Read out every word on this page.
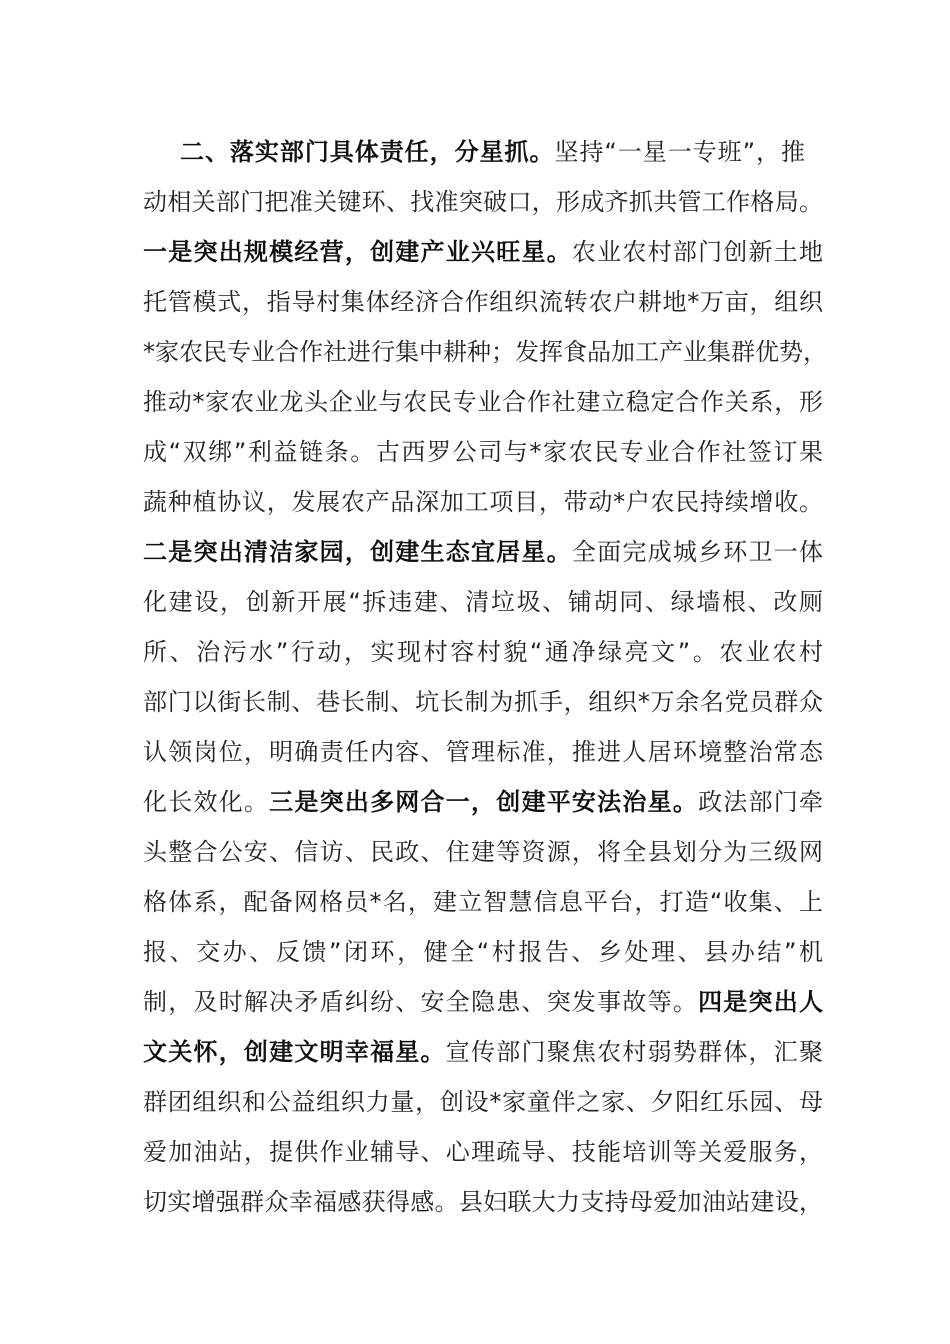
二、落实部门具体责任，分星抓。坚持“一星一专班”，推
动相关部门把准关键环、找准突破口，形成齐抓共管工作格局。
一是突出规模经营，创建产业兴旺星。农业农村部门创新土地
托管模式，指导村集体经济合作组织流转农户耕地*万亩，组织
*家农民专业合作社进行集中耕种；发挥食品加工产业集群优势，
推动*家农业龙头企业与农民专业合作社建立稳定合作关系，形
成“双绑”利益链条。古西罗公司与*家农民专业合作社签订果
蔬种植协议，发展农产品深加工项目，带动*户农民持续增收。
二是突出清洁家园，创建生态宜居星。全面完成城乡环卫一体
化建设，创新开展“拆违建、清垃圾、铺胡同、绿墙根、改厕
所、治污水”行动，实现村容村貌“通净绿亮文”。农业农村
部门以街长制、巷长制、坑长制为抓手，组织*万余名党员群众
认领岗位，明确责任内容、管理标准，推进人居环境整治常态
化长效化。三是突出多网合一，创建平安法治星。政法部门牵
头整合公安、信访、民政、住建等资源，将全县划分为三级网
格体系，配备网格员*名，建立智慧信息平台，打造“收集、上
报、交办、反馈”闭环，健全“村报告、乡处理、县办结”机
制，及时解决矛盾纠纷、安全隐患、突发事故等。四是突出人
文关怀，创建文明幸福星。宣传部门聚焦农村弱势群体，汇聚
群团组织和公益组织力量，创设*家童伴之家、夕阳红乐园、母
爱加油站，提供作业辅导、心理疏导、技能培训等关爱服务，
切实增强群众幸福感获得感。县妇联大力支持母爱加油站建设，
